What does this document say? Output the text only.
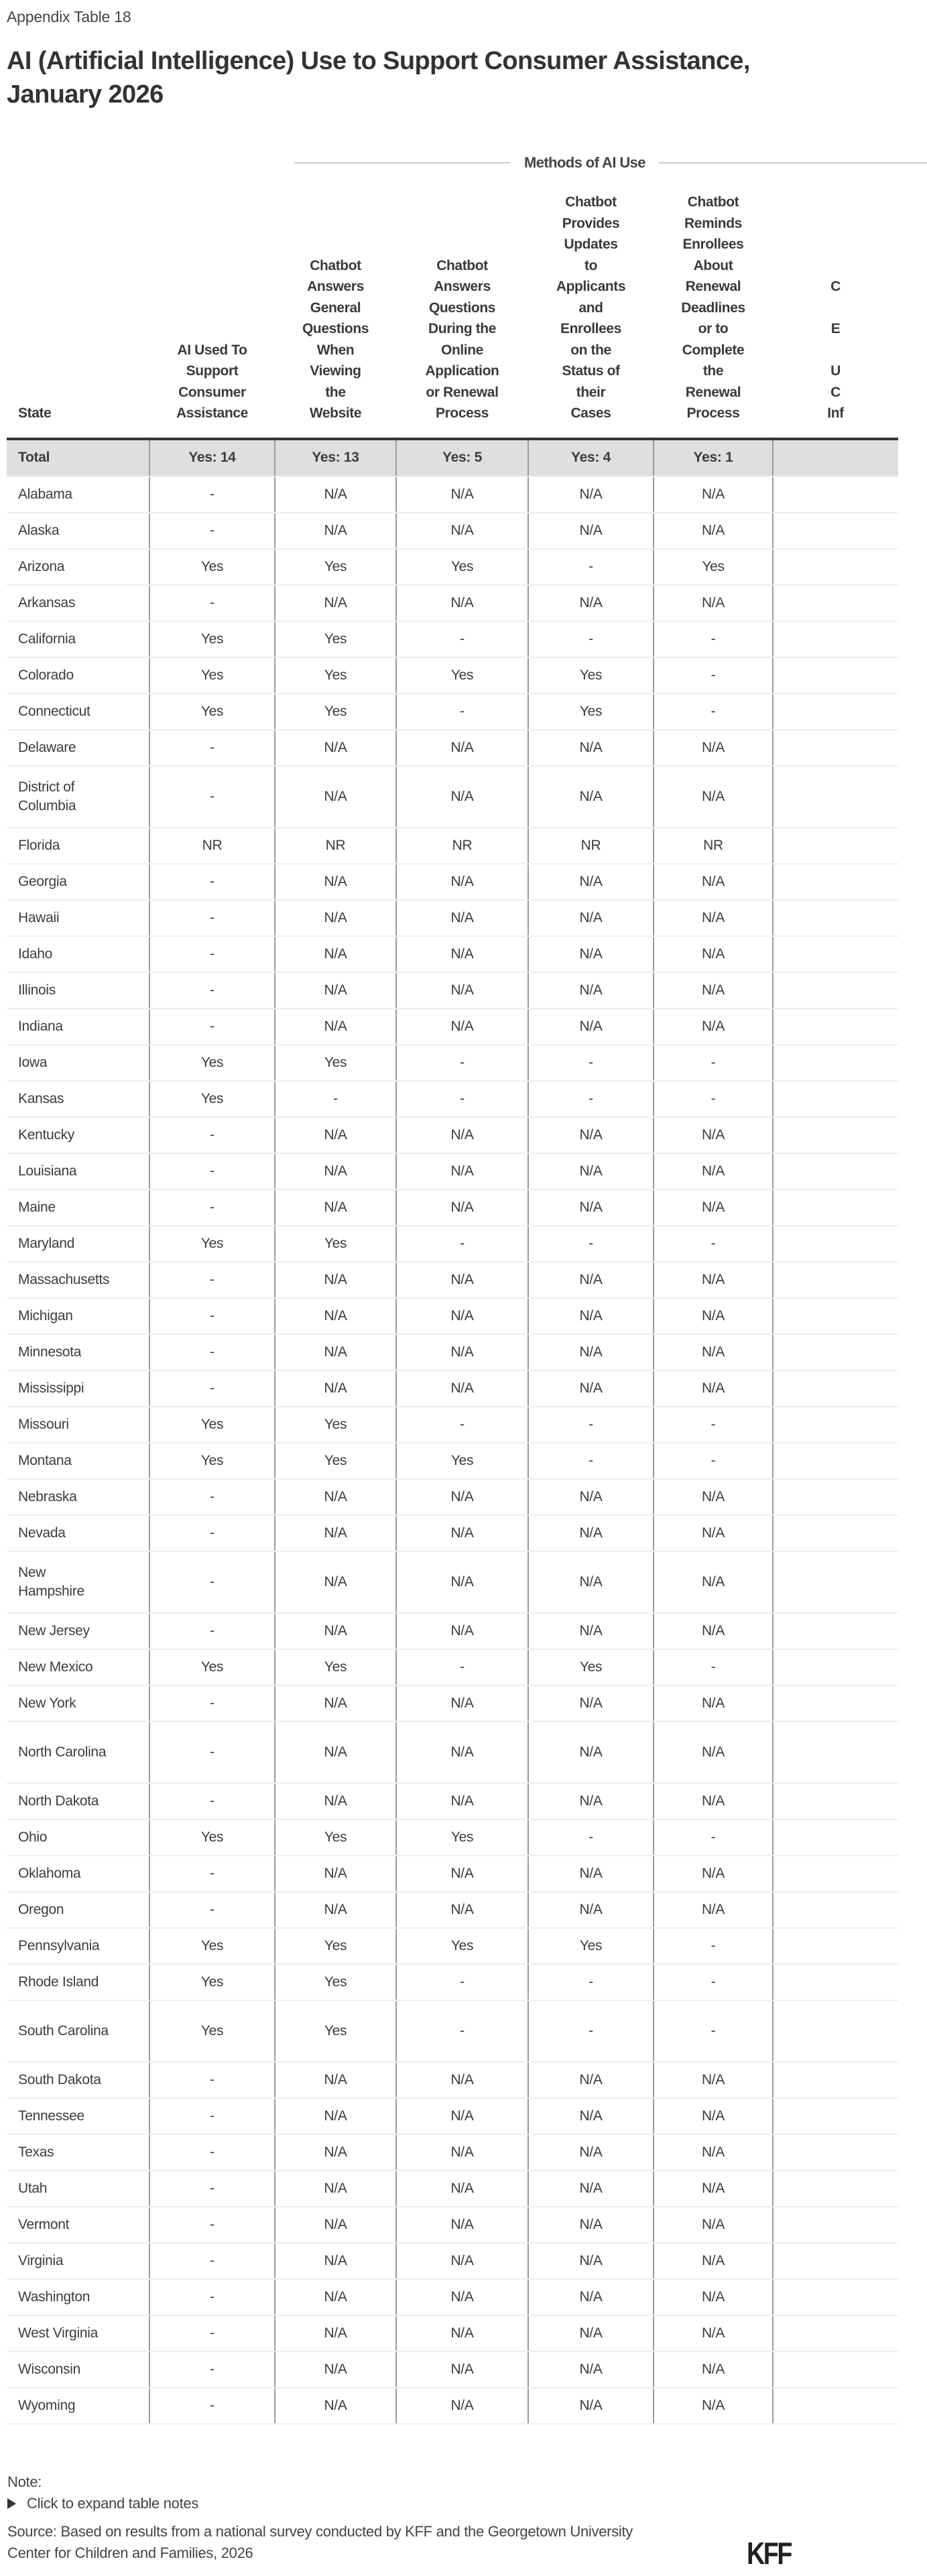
Appendix Table 18
AI (Artificial Intelligence) Use to Support Consumer Assistance, January 2026
Methods of AI Use
State	AI Used To
Support
Consumer
Assistance	Chatbot
Answers
General
Questions
When
Viewing
the
Website	Chatbot
Answers
Questions
During the
Online
Application
or Renewal
Process	Chatbot
Provides
Updates
to
Applicants
and
Enrollees
on the
Status of
their
Cases	Chatbot
Reminds
Enrollees
About
Renewal
Deadlines
or to
Complete
the
Renewal
Process	C

E

U
C
Inf
Total	Yes: 14	Yes: 13	Yes: 5	Yes: 4	Yes: 1	
Alabama	-	N/A	N/A	N/A	N/A	
Alaska	-	N/A	N/A	N/A	N/A	
Arizona	Yes	Yes	Yes	-	Yes	
Arkansas	-	N/A	N/A	N/A	N/A	
California	Yes	Yes	-	-	-	
Colorado	Yes	Yes	Yes	Yes	-	
Connecticut	Yes	Yes	-	Yes	-	
Delaware	-	N/A	N/A	N/A	N/A	
District of Columbia	-	N/A	N/A	N/A	N/A	
Florida	NR	NR	NR	NR	NR	
Georgia	-	N/A	N/A	N/A	N/A	
Hawaii	-	N/A	N/A	N/A	N/A	
Idaho	-	N/A	N/A	N/A	N/A	
Illinois	-	N/A	N/A	N/A	N/A	
Indiana	-	N/A	N/A	N/A	N/A	
Iowa	Yes	Yes	-	-	-	
Kansas	Yes	-	-	-	-	
Kentucky	-	N/A	N/A	N/A	N/A	
Louisiana	-	N/A	N/A	N/A	N/A	
Maine	-	N/A	N/A	N/A	N/A	
Maryland	Yes	Yes	-	-	-	
Massachusetts	-	N/A	N/A	N/A	N/A	
Michigan	-	N/A	N/A	N/A	N/A	
Minnesota	-	N/A	N/A	N/A	N/A	
Mississippi	-	N/A	N/A	N/A	N/A	
Missouri	Yes	Yes	-	-	-	
Montana	Yes	Yes	Yes	-	-	
Nebraska	-	N/A	N/A	N/A	N/A	
Nevada	-	N/A	N/A	N/A	N/A	
New Hampshire	-	N/A	N/A	N/A	N/A	
New Jersey	-	N/A	N/A	N/A	N/A	
New Mexico	Yes	Yes	-	Yes	-	
New York	-	N/A	N/A	N/A	N/A	
North Carolina	-	N/A	N/A	N/A	N/A	
North Dakota	-	N/A	N/A	N/A	N/A	
Ohio	Yes	Yes	Yes	-	-	
Oklahoma	-	N/A	N/A	N/A	N/A	
Oregon	-	N/A	N/A	N/A	N/A	
Pennsylvania	Yes	Yes	Yes	Yes	-	
Rhode Island	Yes	Yes	-	-	-	
South Carolina	Yes	Yes	-	-	-	
South Dakota	-	N/A	N/A	N/A	N/A	
Tennessee	-	N/A	N/A	N/A	N/A	
Texas	-	N/A	N/A	N/A	N/A	
Utah	-	N/A	N/A	N/A	N/A	
Vermont	-	N/A	N/A	N/A	N/A	
Virginia	-	N/A	N/A	N/A	N/A	
Washington	-	N/A	N/A	N/A	N/A	
West Virginia	-	N/A	N/A	N/A	N/A	
Wisconsin	-	N/A	N/A	N/A	N/A	
Wyoming	-	N/A	N/A	N/A	N/A	
Note:
Click to expand table notes
Source: Based on results from a national survey conducted by KFF and the Georgetown University Center for Children and Families, 2026	KFF
